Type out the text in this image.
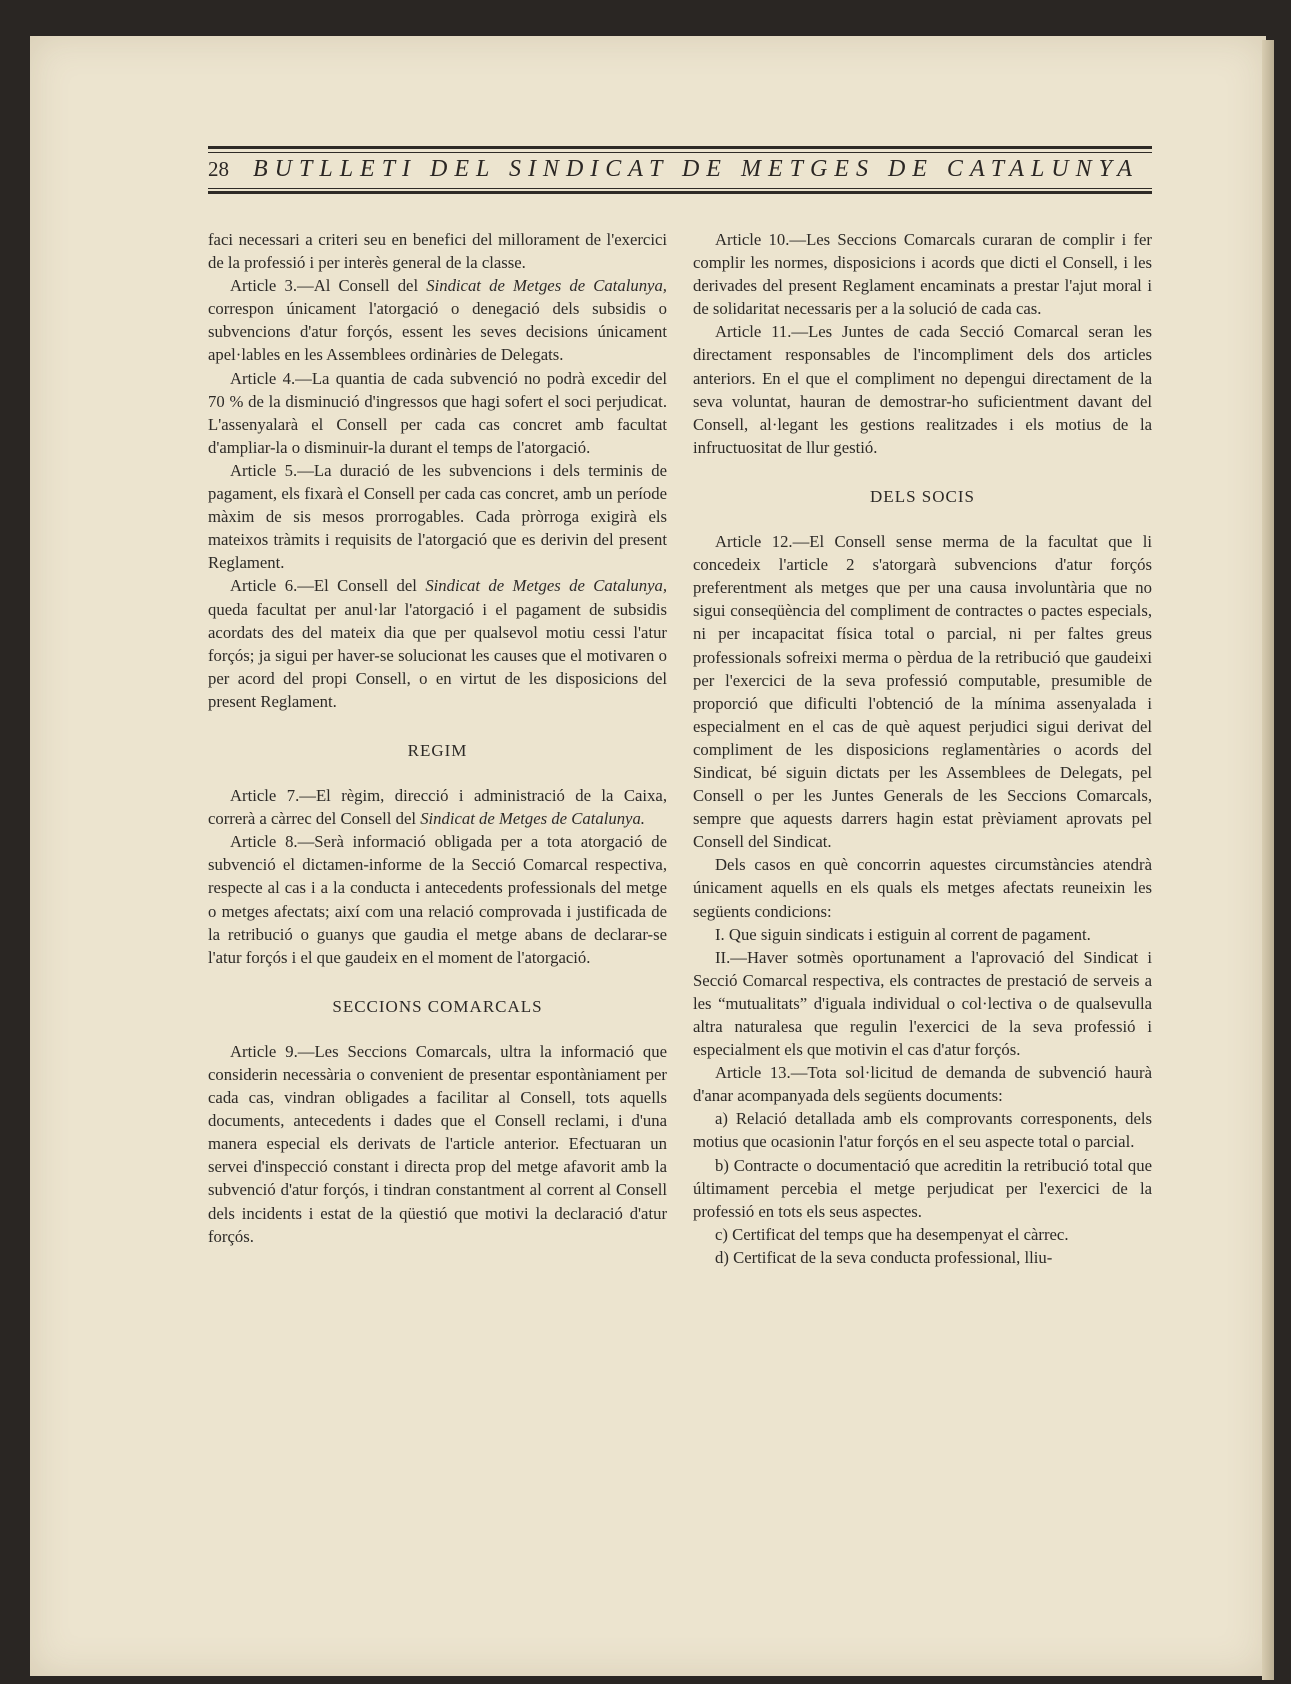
28 BUTLLETI DEL SINDICAT DE METGES DE CATALUNYA

faci necessari a criteri seu en benefici del millorament de l'exercici de la professió i per interès general de la classe.

Article 3.—Al Consell del Sindicat de Metges de Catalunya, correspon únicament l'atorgació o denegació dels subsidis o subvencions d'atur forçós, essent les seves decisions únicament apel·lables en les Assemblees ordinàries de Delegats.

Article 4.—La quantia de cada subvenció no podrà excedir del 70 % de la disminució d'ingressos que hagi sofert el soci perjudicat. L'assenyalarà el Consell per cada cas concret amb facultat d'ampliar-la o disminuir-la durant el temps de l'atorgació.

Article 5.—La duració de les subvencions i dels terminis de pagament, els fixarà el Consell per cada cas concret, amb un període màxim de sis mesos prorrogables. Cada pròrroga exigirà els mateixos tràmits i requisits de l'atorgació que es derivin del present Reglament.

Article 6.—El Consell del Sindicat de Metges de Catalunya, queda facultat per anul·lar l'atorgació i el pagament de subsidis acordats des del mateix dia que per qualsevol motiu cessi l'atur forçós; ja sigui per haver-se solucionat les causes que el motivaren o per acord del propi Consell, o en virtut de les disposicions del present Reglament.

REGIM

Article 7.—El règim, direcció i administració de la Caixa, correrà a càrrec del Consell del Sindicat de Metges de Catalunya.

Article 8.—Serà informació obligada per a tota atorgació de subvenció el dictamen-informe de la Secció Comarcal respectiva, respecte al cas i a la conducta i antecedents professionals del metge o metges afectats; així com una relació comprovada i justificada de la retribució o guanys que gaudia el metge abans de declarar-se l'atur forçós i el que gaudeix en el moment de l'atorgació.

SECCIONS COMARCALS

Article 9.—Les Seccions Comarcals, ultra la informació que considerin necessària o convenient de presentar espontàniament per cada cas, vindran obligades a facilitar al Consell, tots aquells documents, antecedents i dades que el Consell reclami, i d'una manera especial els derivats de l'article anterior. Efectuaran un servei d'inspecció constant i directa prop del metge afavorit amb la subvenció d'atur forçós, i tindran constantment al corrent al Consell dels incidents i estat de la qüestió que motivi la declaració d'atur forçós.

Article 10.—Les Seccions Comarcals curaran de complir i fer complir les normes, disposicions i acords que dicti el Consell, i les derivades del present Reglament encaminats a prestar l'ajut moral i de solidaritat necessaris per a la solució de cada cas.

Article 11.—Les Juntes de cada Secció Comarcal seran les directament responsables de l'incompliment dels dos articles anteriors. En el que el compliment no depengui directament de la seva voluntat, hauran de demostrar-ho suficientment davant del Consell, al·legant les gestions realitzades i els motius de la infructuositat de llur gestió.

DELS SOCIS

Article 12.—El Consell sense merma de la facultat que li concedeix l'article 2 s'atorgarà subvencions d'atur forçós preferentment als metges que per una causa involuntària que no sigui conseqüència del compliment de contractes o pactes especials, ni per incapacitat física total o parcial, ni per faltes greus professionals sofreixi merma o pèrdua de la retribució que gaudeixi per l'exercici de la seva professió computable, presumible de proporció que dificulti l'obtenció de la mínima assenyalada i especialment en el cas de què aquest perjudici sigui derivat del compliment de les disposicions reglamentàries o acords del Sindicat, bé siguin dictats per les Assemblees de Delegats, pel Consell o per les Juntes Generals de les Seccions Comarcals, sempre que aquests darrers hagin estat prèviament aprovats pel Consell del Sindicat.

Dels casos en què concorrin aquestes circumstàncies atendrà únicament aquells en els quals els metges afectats reuneixin les següents condicions:

I. Que siguin sindicats i estiguin al corrent de pagament.

II.—Haver sotmès oportunament a l'aprovació del Sindicat i Secció Comarcal respectiva, els contractes de prestació de serveis a les “mutualitats” d'iguala individual o col·lectiva o de qualsevulla altra naturalesa que regulin l'exercici de la seva professió i especialment els que motivin el cas d'atur forçós.

Article 13.—Tota sol·licitud de demanda de subvenció haurà d'anar acompanyada dels següents documents:

a) Relació detallada amb els comprovants corresponents, dels motius que ocasionin l'atur forçós en el seu aspecte total o parcial.

b) Contracte o documentació que acreditin la retribució total que últimament percebia el metge perjudicat per l'exercici de la professió en tots els seus aspectes.

c) Certificat del temps que ha desempenyat el càrrec.

d) Certificat de la seva conducta professional, lliu-
